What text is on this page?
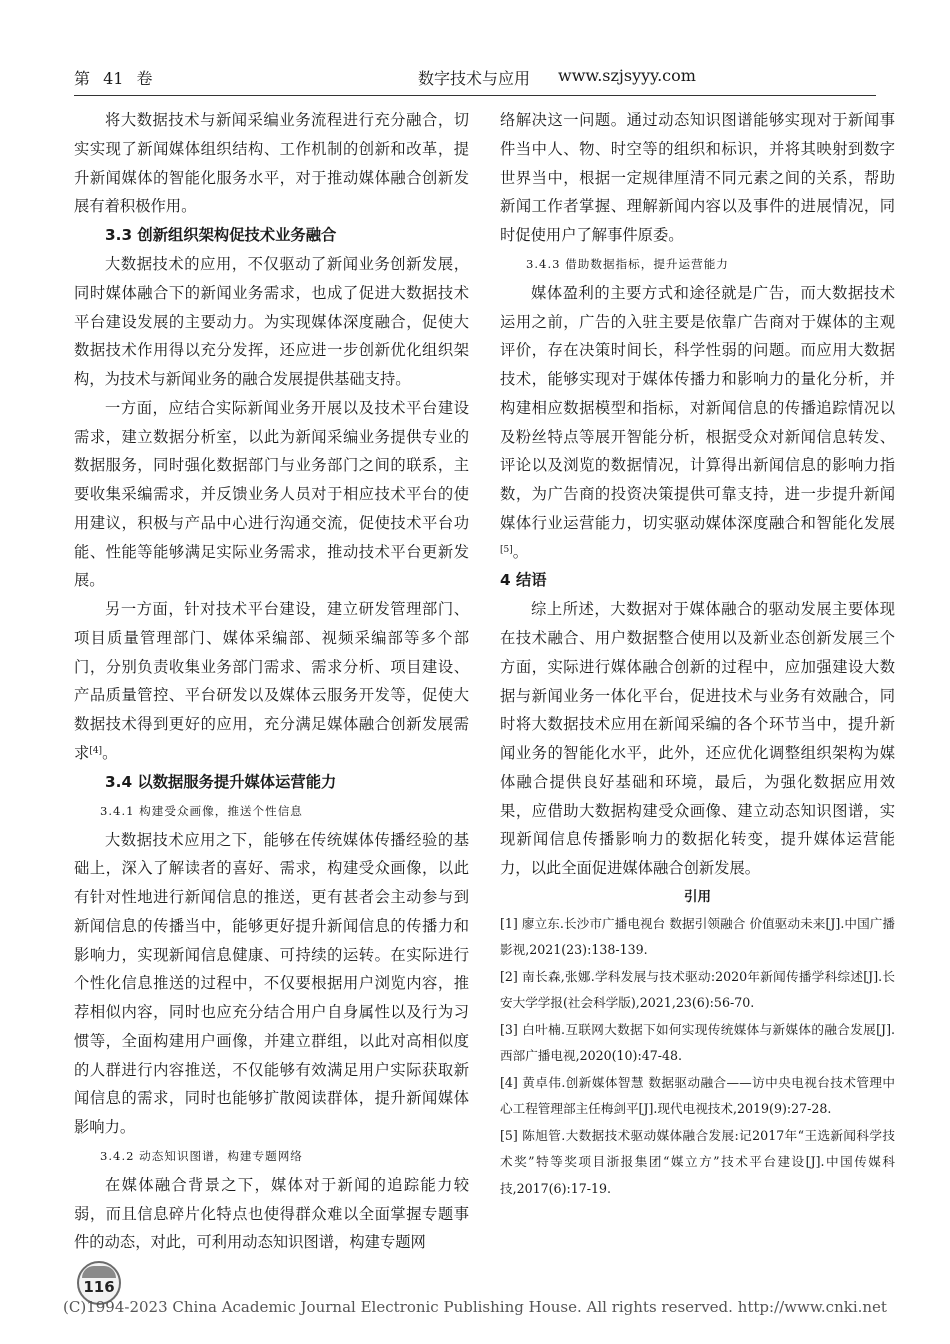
第 41 卷	数字技术与应用 www.szjsyyy.com

将大数据技术与新闻采编业务流程进行充分融合，切实实现了新闻媒体组织结构、工作机制的创新和改革，提升新闻媒体的智能化服务水平，对于推动媒体融合创新发展有着积极作用。

3.3 创新组织架构促技术业务融合

大数据技术的应用，不仅驱动了新闻业务创新发展，同时媒体融合下的新闻业务需求，也成了促进大数据技术平台建设发展的主要动力。为实现媒体深度融合，促使大数据技术作用得以充分发挥，还应进一步创新优化组织架构，为技术与新闻业务的融合发展提供基础支持。

一方面，应结合实际新闻业务开展以及技术平台建设需求，建立数据分析室，以此为新闻采编业务提供专业的数据服务，同时强化数据部门与业务部门之间的联系，主要收集采编需求，并反馈业务人员对于相应技术平台的使用建议，积极与产品中心进行沟通交流，促使技术平台功能、性能等能够满足实际业务需求，推动技术平台更新发展。

另一方面，针对技术平台建设，建立研发管理部门、项目质量管理部门、媒体采编部、视频采编部等多个部门，分别负责收集业务部门需求、需求分析、项目建设、产品质量管控、平台研发以及媒体云服务开发等，促使大数据技术得到更好的应用，充分满足媒体融合创新发展需求[4]。

3.4 以数据服务提升媒体运营能力
3.4.1 构建受众画像，推送个性信息

大数据技术应用之下，能够在传统媒体传播经验的基础上，深入了解读者的喜好、需求，构建受众画像，以此有针对性地进行新闻信息的推送，更有甚者会主动参与到新闻信息的传播当中，能够更好提升新闻信息的传播力和影响力，实现新闻信息健康、可持续的运转。在实际进行个性化信息推送的过程中，不仅要根据用户浏览内容，推荐相似内容，同时也应充分结合用户自身属性以及行为习惯等，全面构建用户画像，并建立群组，以此对高相似度的人群进行内容推送，不仅能够有效满足用户实际获取新闻信息的需求，同时也能够扩散阅读群体，提升新闻媒体影响力。

3.4.2 动态知识图谱，构建专题网络

在媒体融合背景之下，媒体对于新闻的追踪能力较弱，而且信息碎片化特点也使得群众难以全面掌握专题事件的动态，对此，可利用动态知识图谱，构建专题网

络解决这一问题。通过动态知识图谱能够实现对于新闻事件当中人、物、时空等的组织和标识，并将其映射到数字世界当中，根据一定规律厘清不同元素之间的关系，帮助新闻工作者掌握、理解新闻内容以及事件的进展情况，同时促使用户了解事件原委。

3.4.3 借助数据指标，提升运营能力

媒体盈利的主要方式和途径就是广告，而大数据技术运用之前，广告的入驻主要是依靠广告商对于媒体的主观评价，存在决策时间长，科学性弱的问题。而应用大数据技术，能够实现对于媒体传播力和影响力的量化分析，并构建相应数据模型和指标，对新闻信息的传播追踪情况以及粉丝特点等展开智能分析，根据受众对新闻信息转发、评论以及浏览的数据情况，计算得出新闻信息的影响力指数，为广告商的投资决策提供可靠支持，进一步提升新闻媒体行业运营能力，切实驱动媒体深度融合和智能化发展[5]。

4 结语

综上所述，大数据对于媒体融合的驱动发展主要体现在技术融合、用户数据整合使用以及新业态创新发展三个方面，实际进行媒体融合创新的过程中，应加强建设大数据与新闻业务一体化平台，促进技术与业务有效融合，同时将大数据技术应用在新闻采编的各个环节当中，提升新闻业务的智能化水平，此外，还应优化调整组织架构为媒体融合提供良好基础和环境，最后，为强化数据应用效果，应借助大数据构建受众画像、建立动态知识图谱，实现新闻信息传播影响力的数据化转变，提升媒体运营能力，以此全面促进媒体融合创新发展。

引用

[1] 廖立东.长沙市广播电视台 数据引领融合 价值驱动未来[J].中国广播影视,2021(23):138-139.

[2] 南长森,张娜.学科发展与技术驱动:2020年新闻传播学科综述[J].长安大学学报(社会科学版),2021,23(6):56-70.

[3] 白叶楠.互联网大数据下如何实现传统媒体与新媒体的融合发展[J].西部广播电视,2020(10):47-48.

[4] 黄卓伟.创新媒体智慧 数据驱动融合——访中央电视台技术管理中心工程管理部主任梅剑平[J].现代电视技术,2019(9):27-28.

[5] 陈旭管.大数据技术驱动媒体融合发展:记2017年“王选新闻科学技术奖”特等奖项目浙报集团“媒立方”技术平台建设[J].中国传媒科技,2017(6):17-19.

116
(C)1994-2023 China Academic Journal Electronic Publishing House. All rights reserved. http://www.cnki.net
